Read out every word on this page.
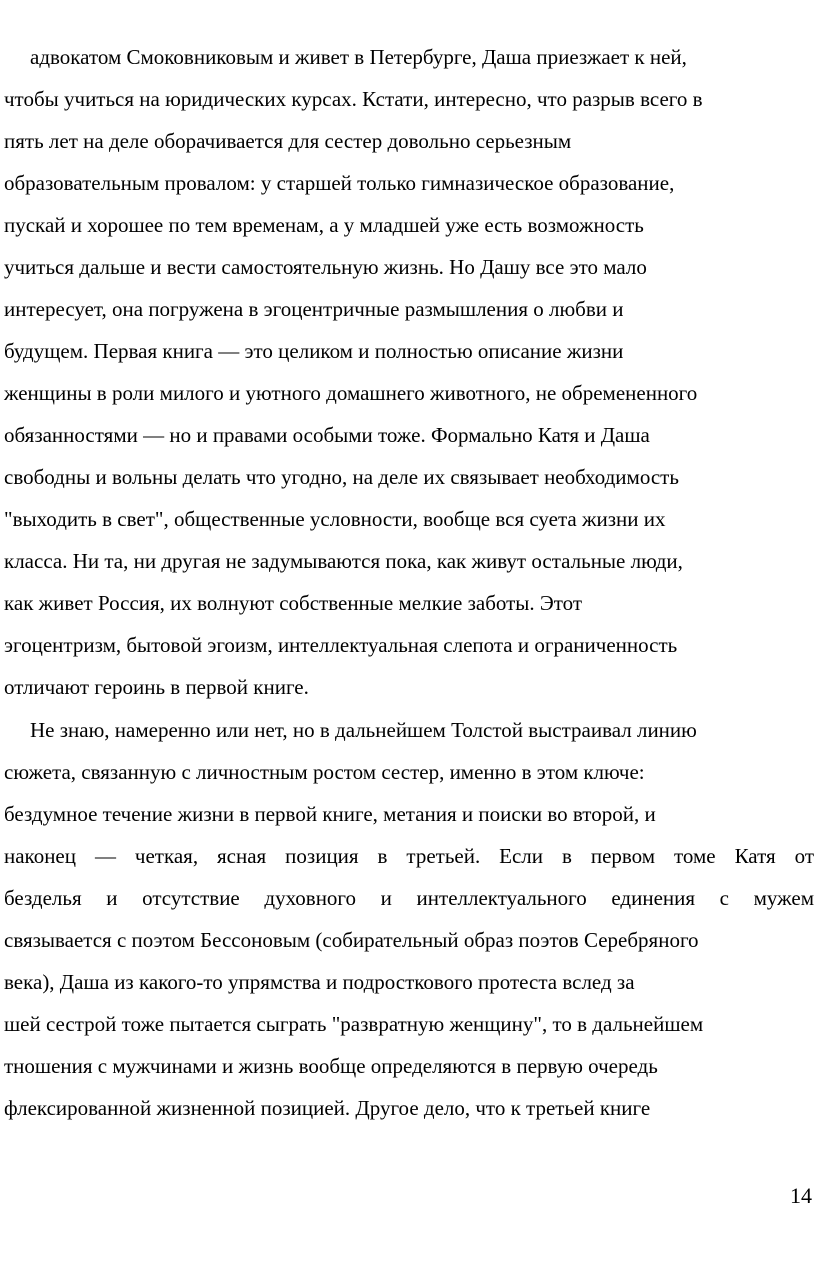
адвокатом Смоковниковым и живет в Петербурге, Даша приезжает к ней,
чтобы учиться на юридических курсах. Кстати, интересно, что разрыв всего в
пять лет на деле оборачивается для сестер довольно серьезным
образовательным провалом: у старшей только гимназическое образование,
пускай и хорошее по тем временам, а у младшей уже есть возможность
учиться дальше и вести самостоятельную жизнь. Но Дашу все это мало
интересует, она погружена в эгоцентричные размышления о любви и
будущем. Первая книга — это целиком и полностью описание жизни
женщины в роли милого и уютного домашнего животного, не обремененного
обязанностями — но и правами особыми тоже. Формально Катя и Даша
свободны и вольны делать что угодно, на деле их связывает необходимость
"выходить в свет", общественные условности, вообще вся суета жизни их
класса. Ни та, ни другая не задумываются пока, как живут остальные люди,
как живет Россия, их волнуют собственные мелкие заботы. Этот
эгоцентризм, бытовой эгоизм, интеллектуальная слепота и ограниченность
отличают героинь в первой книге.
Не знаю, намеренно или нет, но в дальнейшем Толстой выстраивал линию
сюжета, связанную с личностным ростом сестер, именно в этом ключе:
бездумное течение жизни в первой книге, метания и поиски во второй, и
наконец — четкая, ясная позиция в третьей. Если в первом томе Катя от
безделья и отсутствие духовного и интеллектуального единения с мужем
связывается с поэтом Бессоновым (собирательный образ поэтов Серебряного
века), Даша из какого-то упрямства и подросткового протеста вслед за
шей сестрой тоже пытается сыграть "развратную женщину", то в дальнейшем
тношения с мужчинами и жизнь вообще определяются в первую очередь
флексированной жизненной позицией. Другое дело, что к третьей книге
14
